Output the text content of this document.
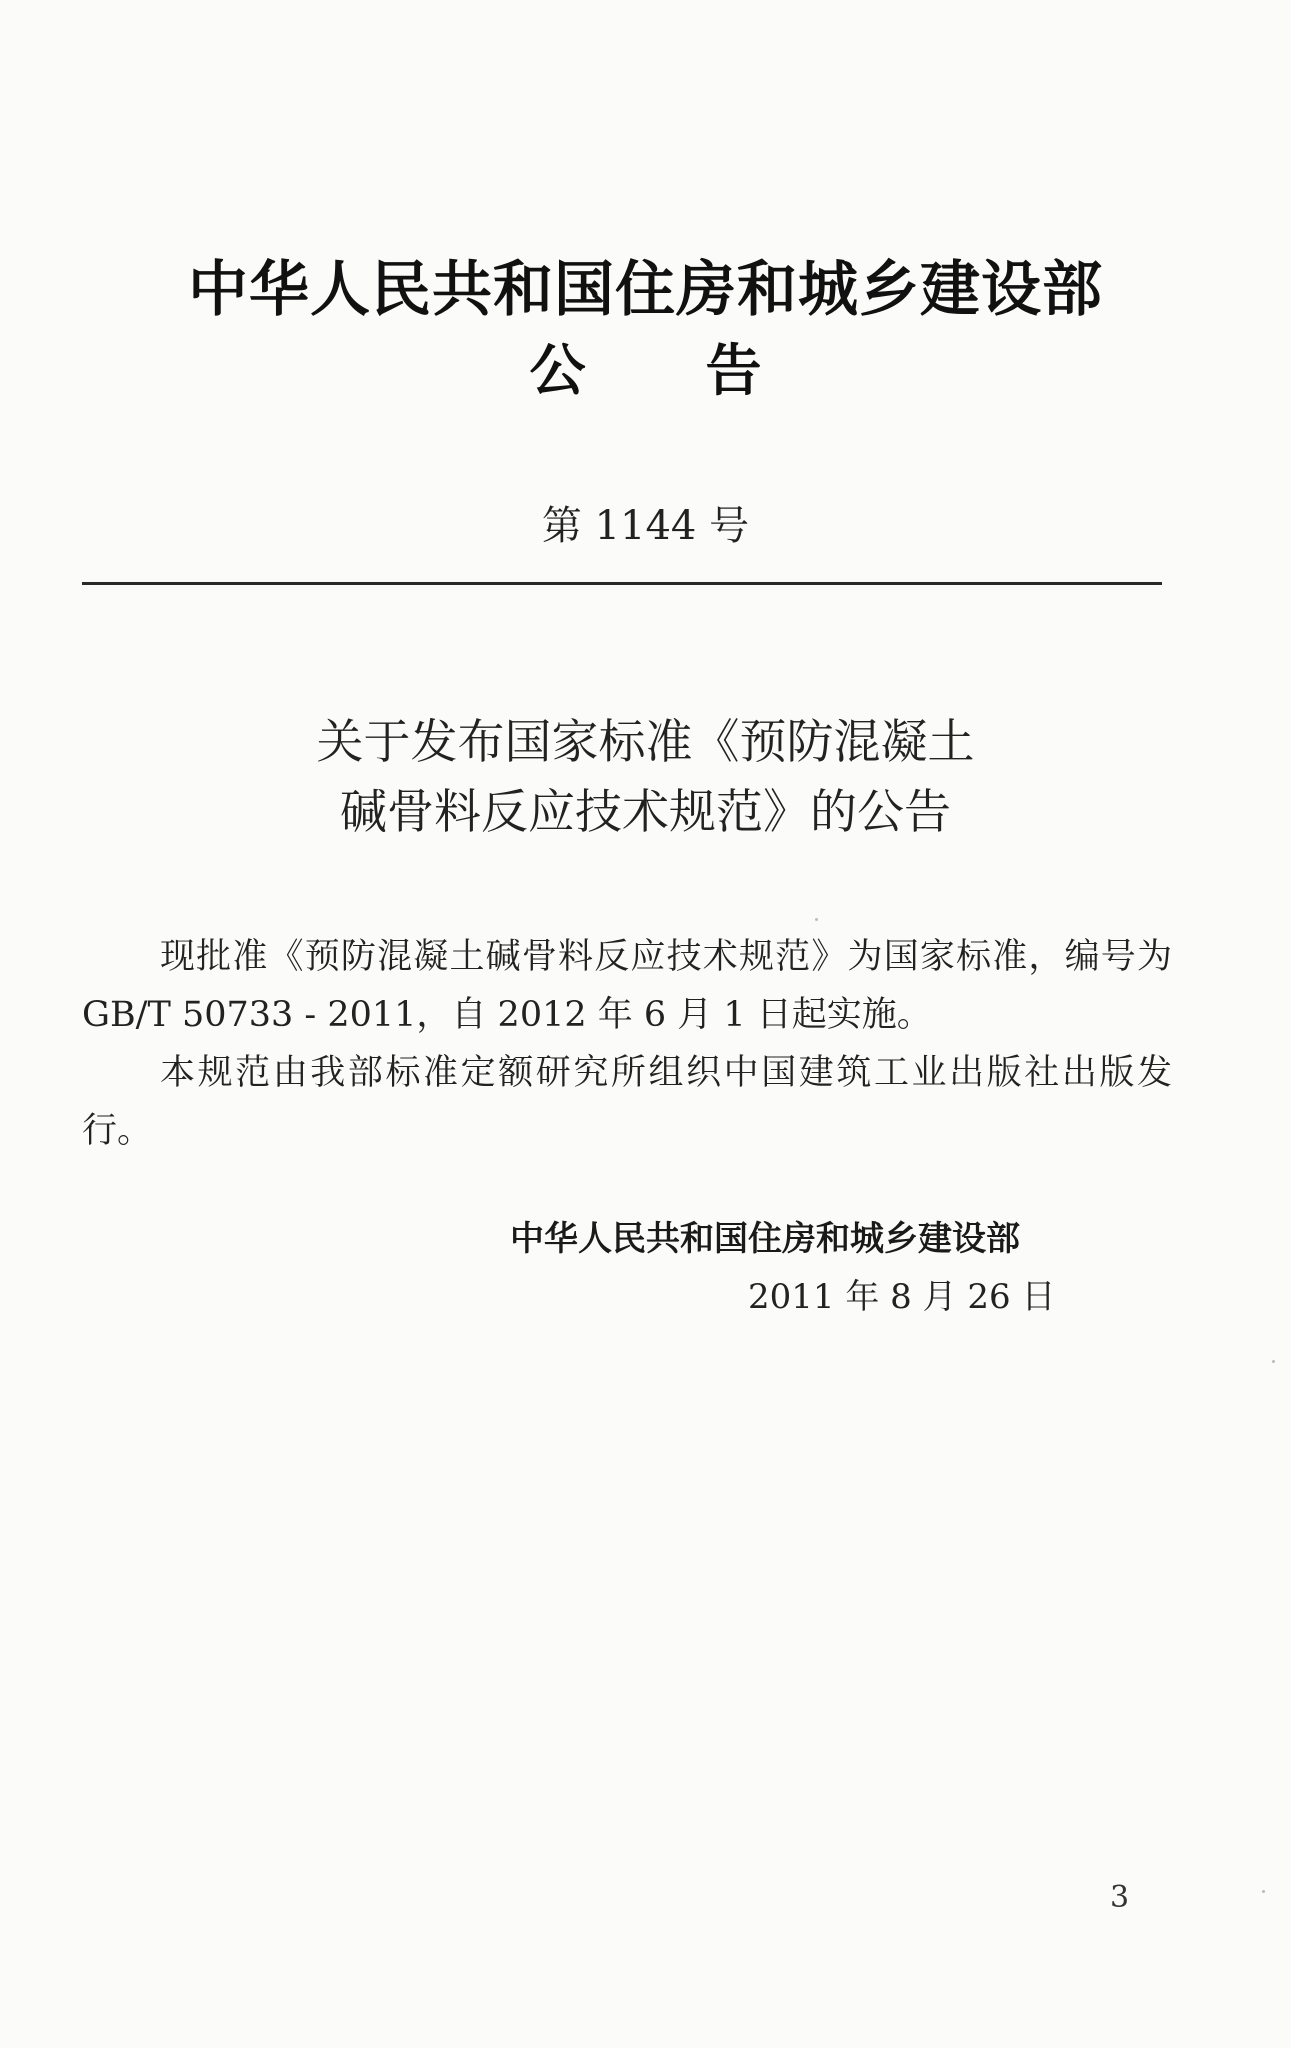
中华人民共和国住房和城乡建设部
公告
第 1144 号
关于发布国家标准《预防混凝土
碱骨料反应技术规范》的公告
现批准《预防混凝土碱骨料反应技术规范》为国家标准，编号为 GB/T 50733 - 2011，自 2012 年 6 月 1 日起实施。
本规范由我部标准定额研究所组织中国建筑工业出版社出版发行。
中华人民共和国住房和城乡建设部
2011 年 8 月 26 日
3
